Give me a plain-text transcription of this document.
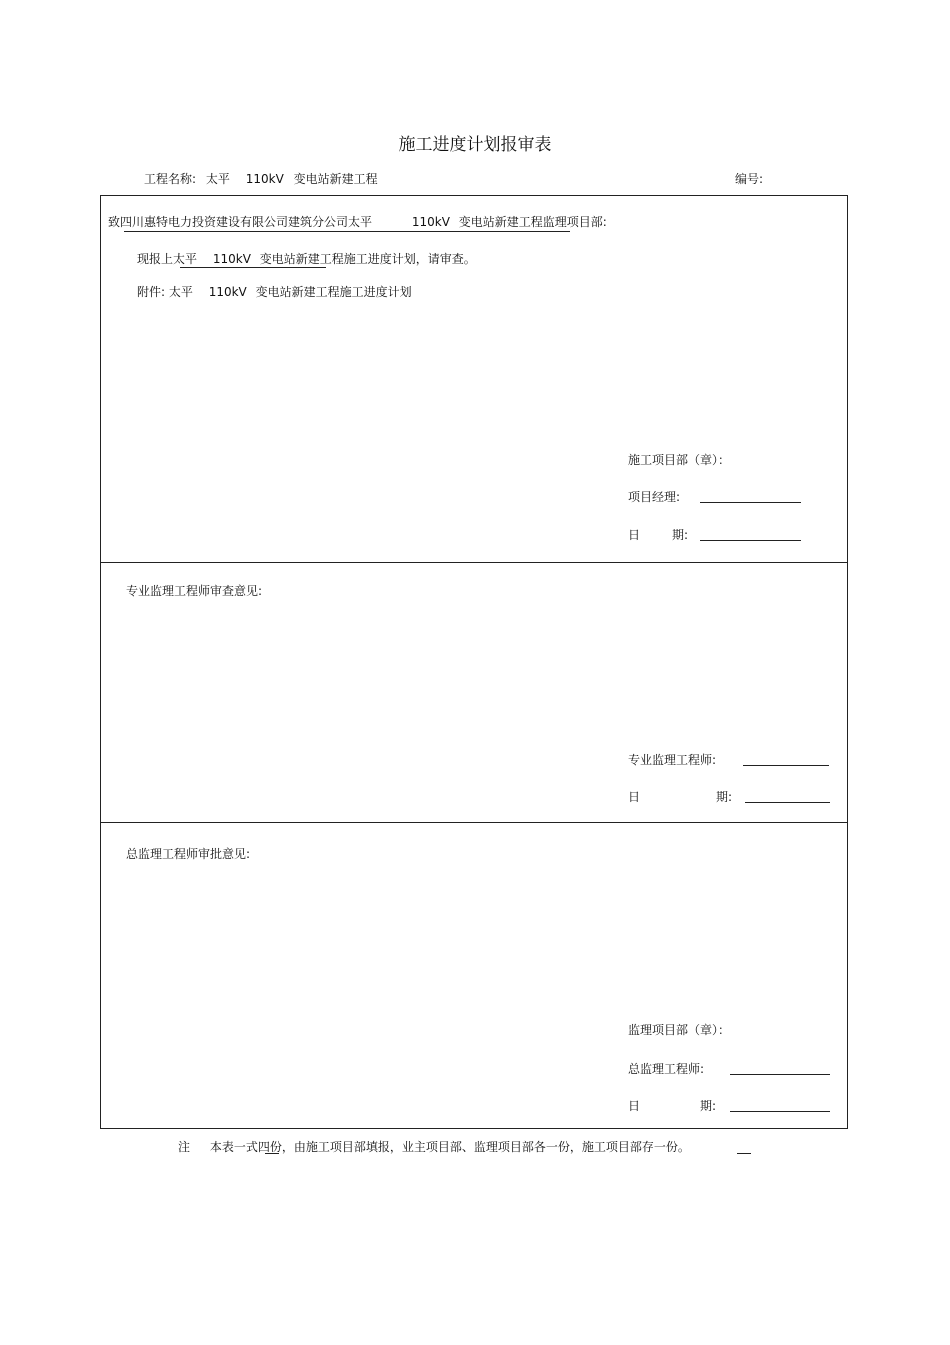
施工进度计划报审表
工程名称: 太平 110kV 变电站新建工程	编号:
致四川惠特电力投资建设有限公司建筑分公司太平	110kV 变电站新建工程监理项目部:
现报上太平 110kV 变电站新建工程施工进度计划，请审查。
附件: 太平 110kV 变电站新建工程施工进度计划
施工项目部（章）：
项目经理:
日	期:
专业监理工程师审查意见:
专业监理工程师:
日	期:
总监理工程师审批意见:
监理项目部（章）：
总监理工程师:
日	期:
注 本表一式四份，由施工项目部填报，业主项目部、监理项目部各一份，施工项目部存一份。
